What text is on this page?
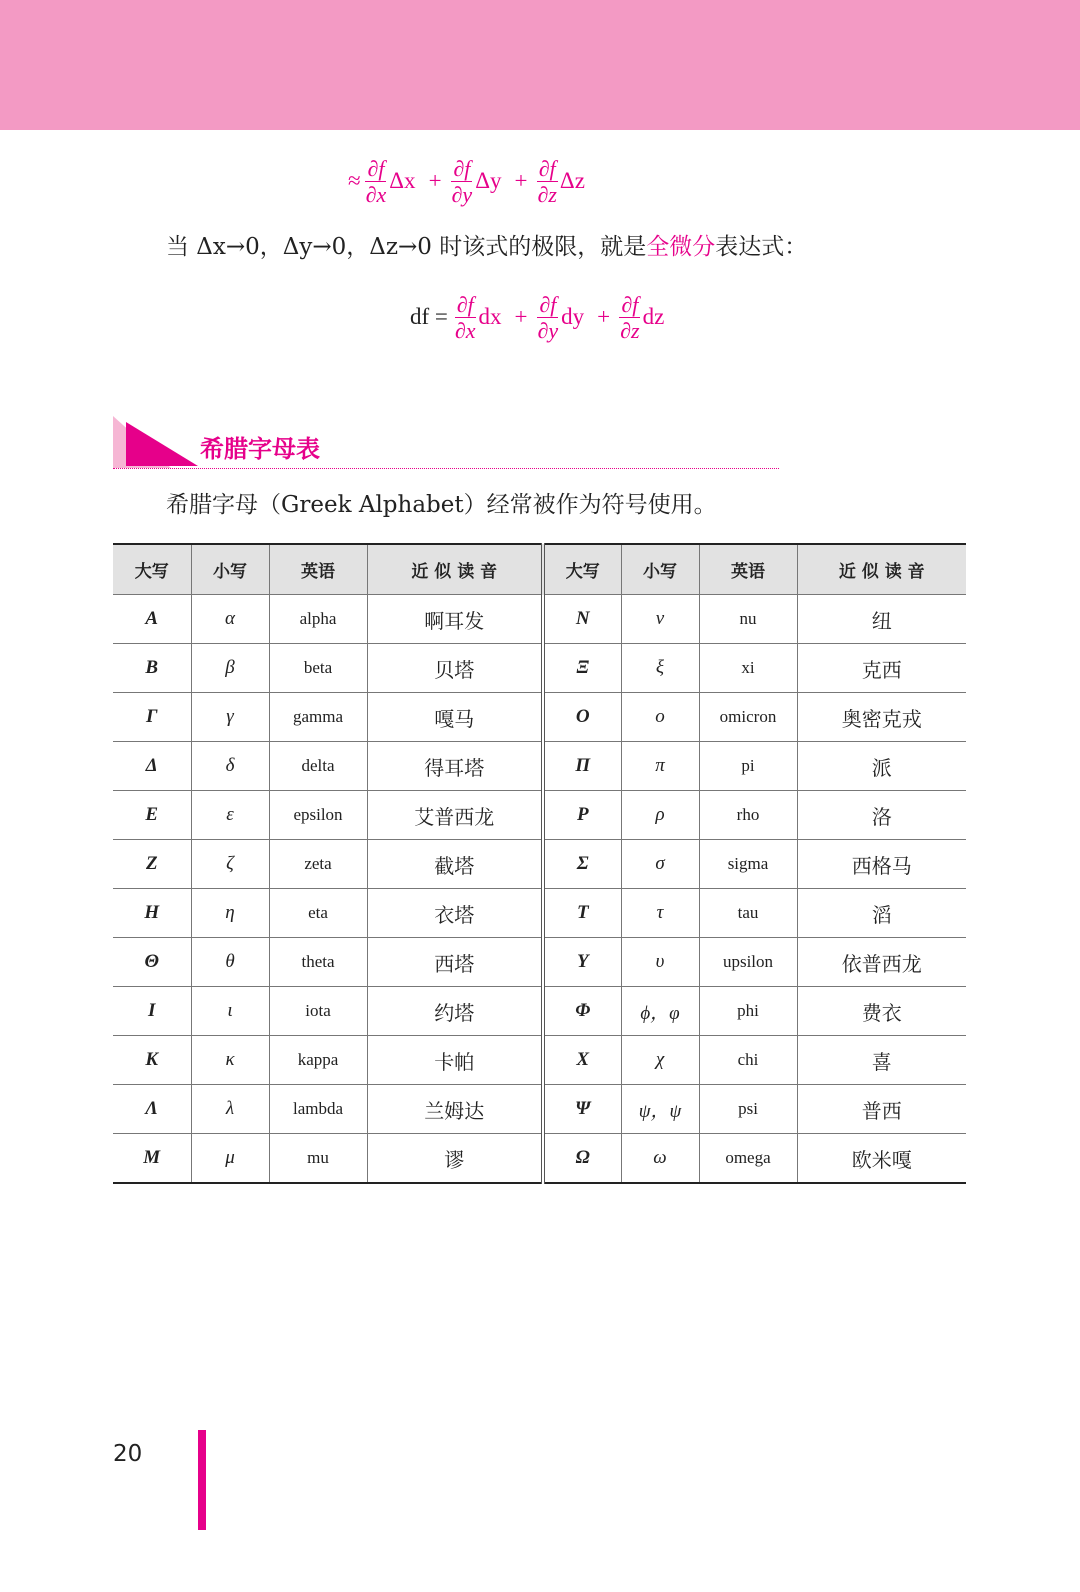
≈ $\frac{\partial f}{\partial x}$ $\Delta x + \frac{\partial f}{\partial y}$ $\Delta y + \frac{\partial f}{\partial z}$ Δz
当 Δx→0，Δy→0，Δz→0 时该式的极限，就是全微分表达式：
df = $\frac{\partial f}{\partial x}$ dx + $\frac{\partial f}{\partial y}$ dy + $\frac{\partial f}{\partial z}$ dz
希腊字母表
希腊字母（Greek Alphabet）经常被作为符号使用。
大写	小写	英语	近 似 读 音	大写	小写	英语	近 似 读 音
A	α	alpha	啊耳发	N	ν	nu	纽
B	β	beta	贝塔	Ξ	ξ	xi	克西
Γ	γ	gamma	嘎马	O	ο	omicron	奥密克戎
Δ	δ	delta	得耳塔	Π	π	pi	派
E	ε	epsilon	艾普西龙	P	ρ	rho	洛
Z	ζ	zeta	截塔	Σ	σ	sigma	西格马
H	η	eta	衣塔	T	τ	tau	滔
Θ	θ	theta	西塔	Υ	υ	upsilon	依普西龙
I	ι	iota	约塔	Φ	ϕ，φ	phi	费衣
K	κ	kappa	卡帕	X	χ	chi	喜
Λ	λ	lambda	兰姆达	Ψ	ψ，ψ	psi	普西
M	μ	mu	谬	Ω	ω	omega	欧米嘎
20
